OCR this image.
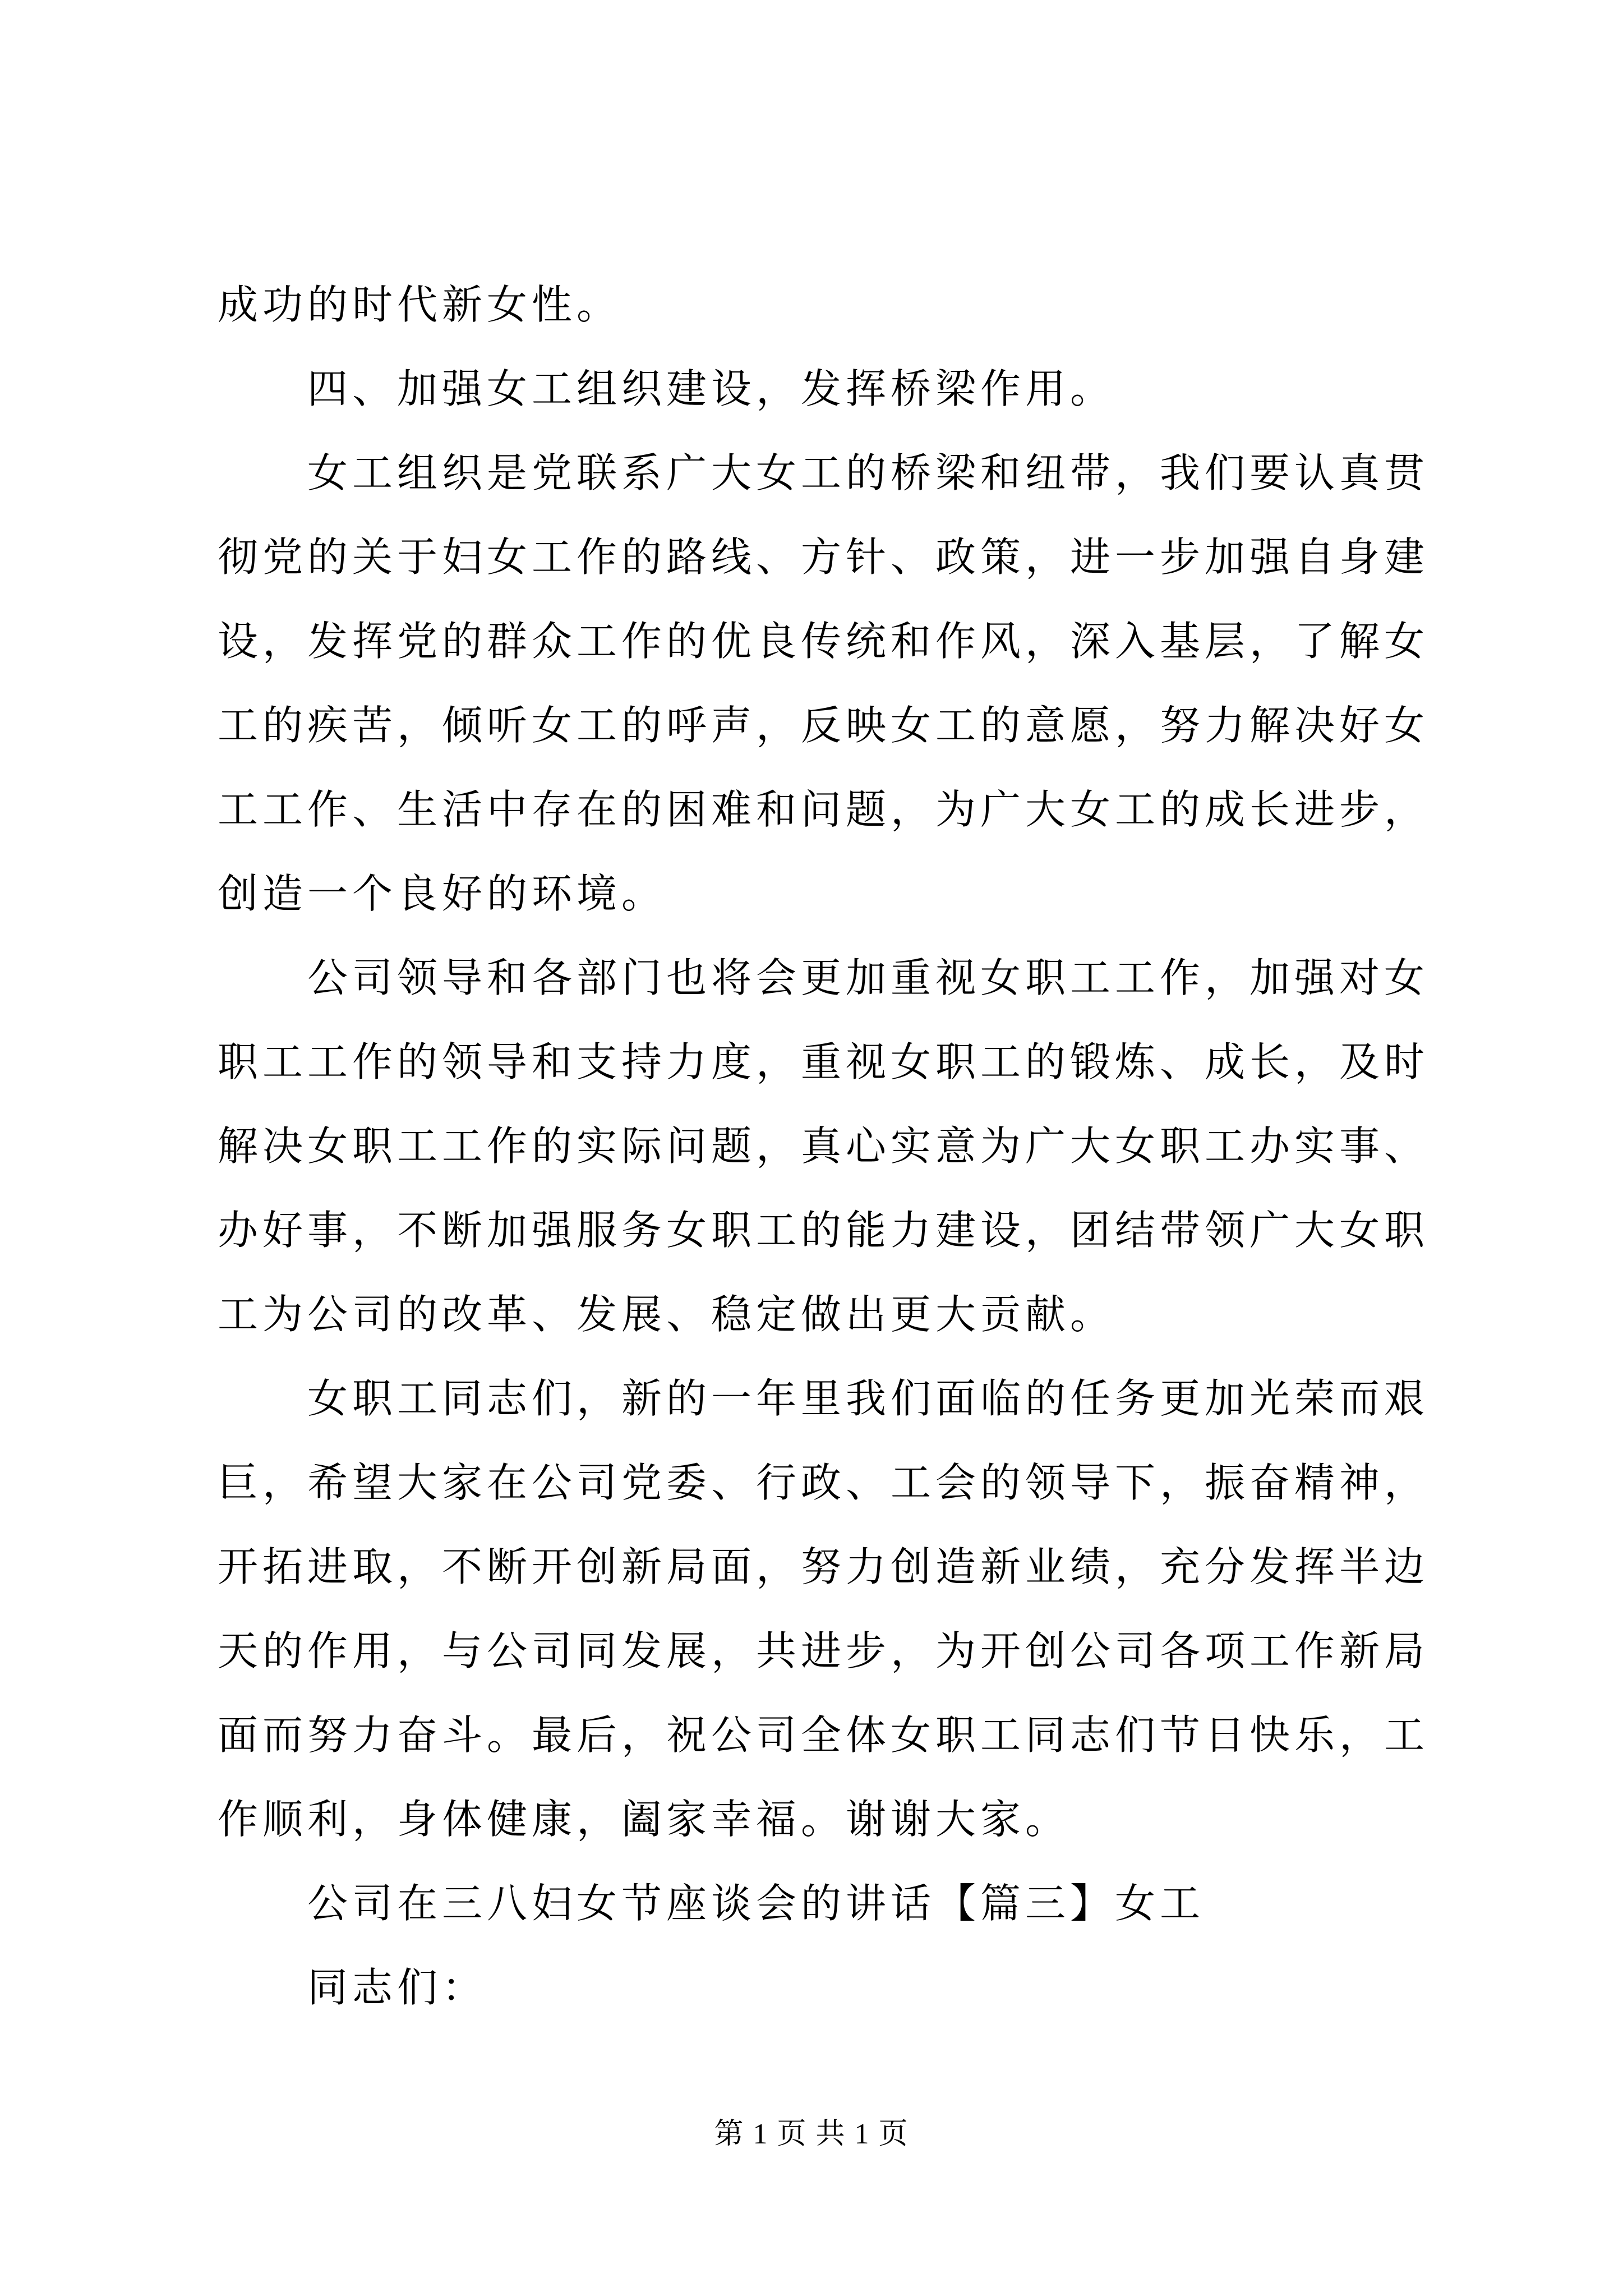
成功的时代新女性。

四、加强女工组织建设，发挥桥梁作用。

女工组织是党联系广大女工的桥梁和纽带，我们要认真贯彻党的关于妇女工作的路线、方针、政策，进一步加强自身建设，发挥党的群众工作的优良传统和作风，深入基层，了解女工的疾苦，倾听女工的呼声，反映女工的意愿，努力解决好女工工作、生活中存在的困难和问题，为广大女工的成长进步，创造一个良好的环境。

公司领导和各部门也将会更加重视女职工工作，加强对女职工工作的领导和支持力度，重视女职工的锻炼、成长，及时解决女职工工作的实际问题，真心实意为广大女职工办实事、办好事，不断加强服务女职工的能力建设，团结带领广大女职工为公司的改革、发展、稳定做出更大贡献。

女职工同志们，新的一年里我们面临的任务更加光荣而艰巨，希望大家在公司党委、行政、工会的领导下，振奋精神，开拓进取，不断开创新局面，努力创造新业绩，充分发挥半边天的作用，与公司同发展，共进步，为开创公司各项工作新局面而努力奋斗。最后，祝公司全体女职工同志们节日快乐，工作顺利，身体健康，阖家幸福。谢谢大家。

公司在三八妇女节座谈会的讲话【篇三】女工

同志们：

第 1 页 共 1 页
